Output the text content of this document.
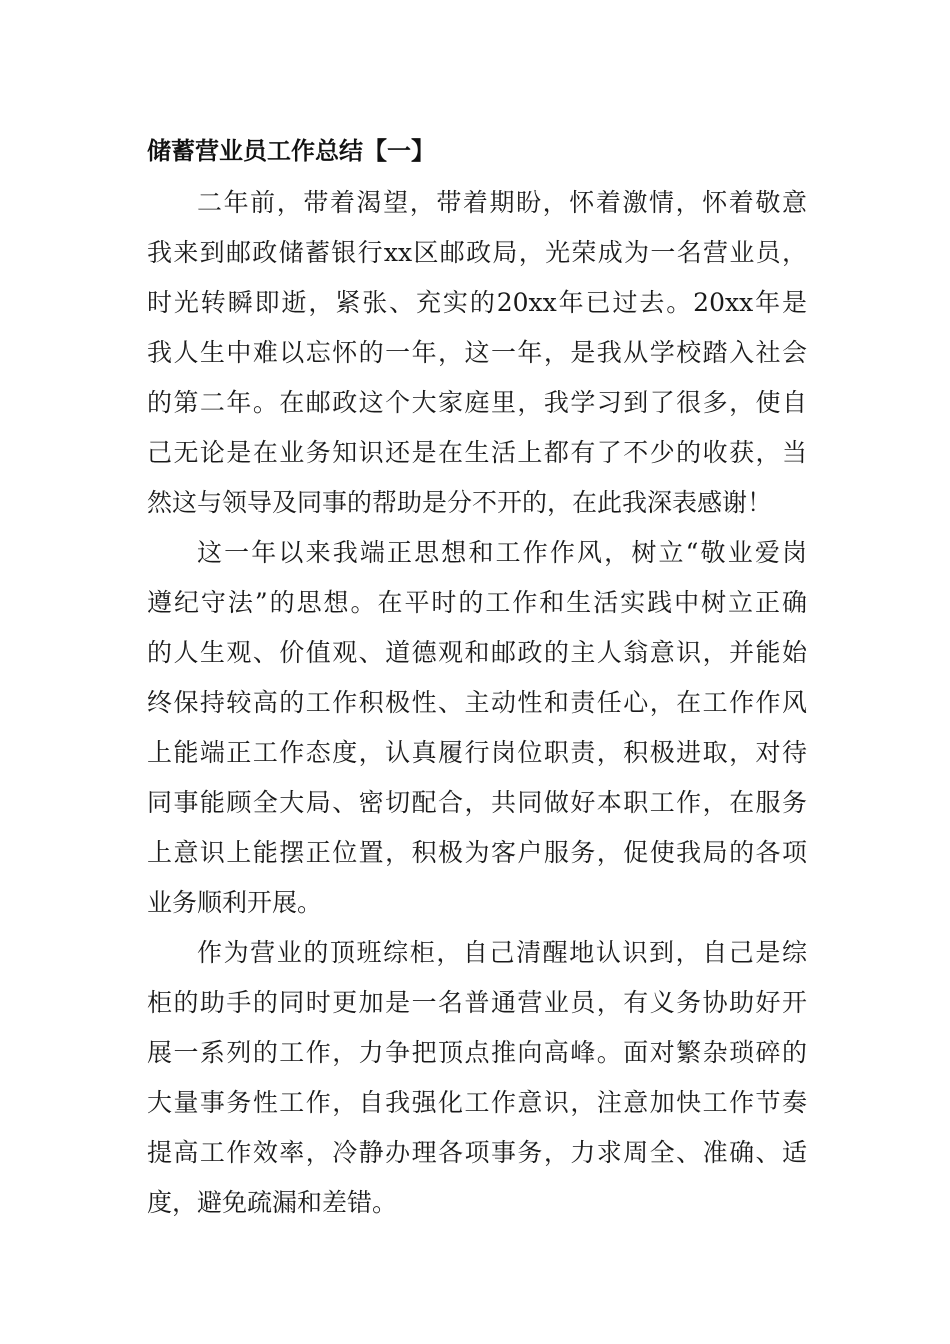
储蓄营业员工作总结【一】
二年前，带着渴望，带着期盼，怀着激情，怀着敬意
我来到邮政储蓄银行xx区邮政局，光荣成为一名营业员，
时光转瞬即逝，紧张、充实的20xx年已过去。20xx年是
我人生中难以忘怀的一年，这一年，是我从学校踏入社会
的第二年。在邮政这个大家庭里，我学习到了很多，使自
己无论是在业务知识还是在生活上都有了不少的收获，当
然这与领导及同事的帮助是分不开的，在此我深表感谢！
这一年以来我端正思想和工作作风，树立“敬业爱岗
遵纪守法”的思想。在平时的工作和生活实践中树立正确
的人生观、价值观、道德观和邮政的主人翁意识，并能始
终保持较高的工作积极性、主动性和责任心，在工作作风
上能端正工作态度，认真履行岗位职责，积极进取，对待
同事能顾全大局、密切配合，共同做好本职工作，在服务
上意识上能摆正位置，积极为客户服务，促使我局的各项
业务顺利开展。
作为营业的顶班综柜，自己清醒地认识到，自己是综
柜的助手的同时更加是一名普通营业员，有义务协助好开
展一系列的工作，力争把顶点推向高峰。面对繁杂琐碎的
大量事务性工作，自我强化工作意识，注意加快工作节奏
提高工作效率，冷静办理各项事务，力求周全、准确、适
度，避免疏漏和差错。
